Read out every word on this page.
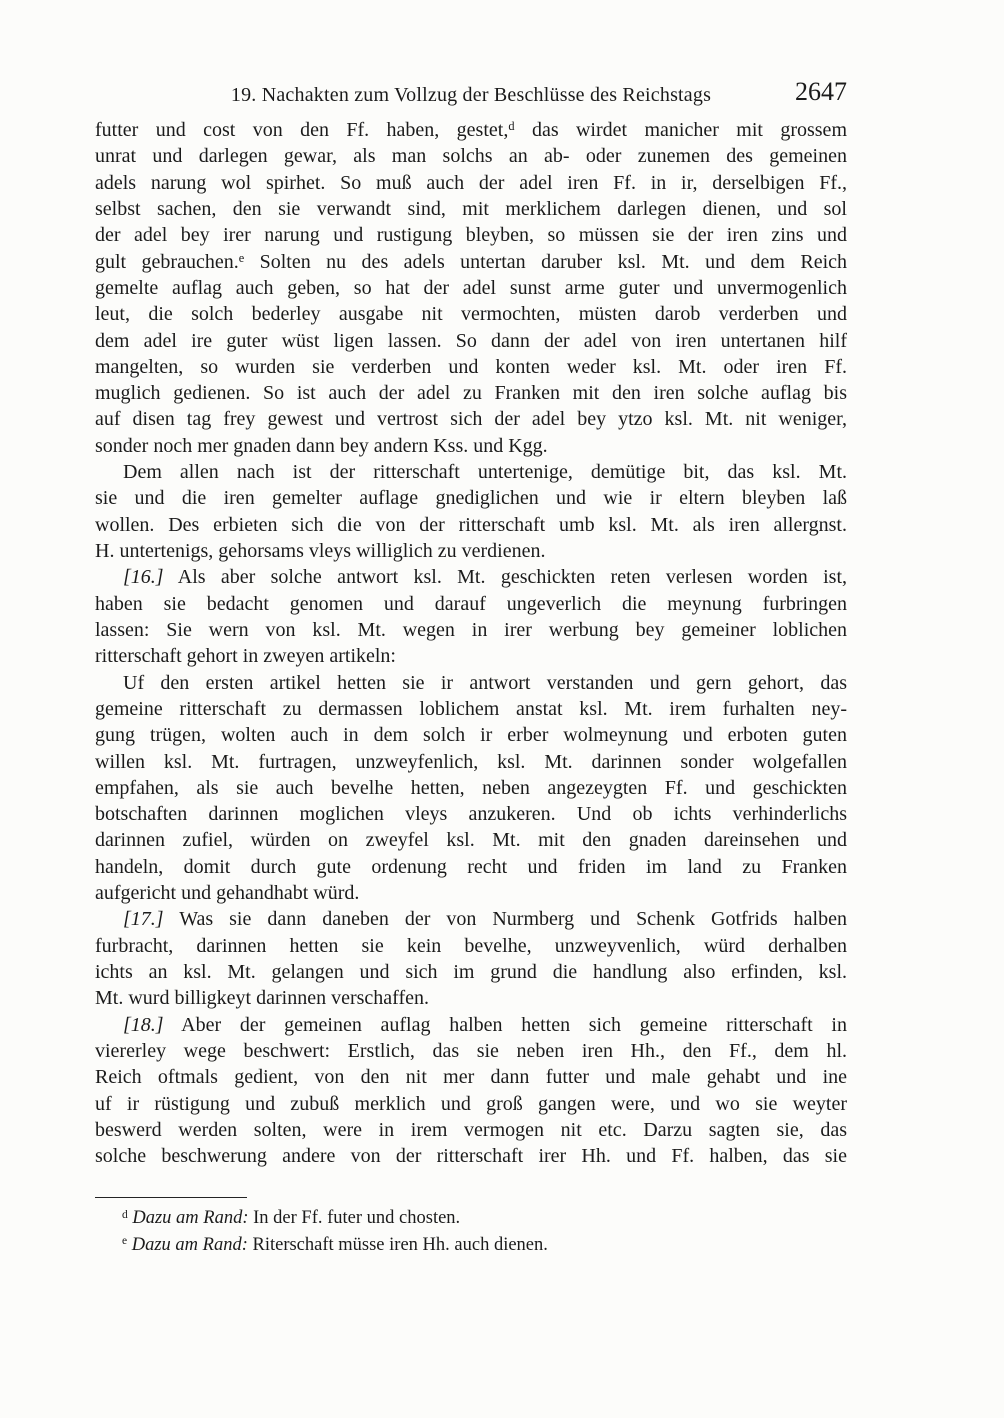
19. Nachakten zum Vollzug der Beschlüsse des Reichstags	2647
futter und cost von den Ff. haben, gestet,$^d$ das wirdet manicher mit grossem
unrat und darlegen gewar, als man solchs an ab- oder zunemen des gemeinen
adels narung wol spirhet. So muß auch der adel iren Ff. in ir, derselbigen Ff.,
selbst sachen, den sie verwandt sind, mit merklichem darlegen dienen, und sol
der adel bey irer narung und rustigung bleyben, so müssen sie der iren zins und
gult gebrauchen.$^e$ Solten nu des adels untertan daruber ksl. Mt. und dem Reich
gemelte auflag auch geben, so hat der adel sunst arme guter und unvermogenlich
leut, die solch bederley ausgabe nit vermochten, müsten darob verderben und
dem adel ire guter wüst ligen lassen. So dann der adel von iren untertanen hilf
mangelten, so wurden sie verderben und konten weder ksl. Mt. oder iren Ff.
muglich gedienen. So ist auch der adel zu Franken mit den iren solche auflag bis
auf disen tag frey gewest und vertrost sich der adel bey ytzo ksl. Mt. nit weniger,
sonder noch mer gnaden dann bey andern Kss. und Kgg.
Dem allen nach ist der ritterschaft untertenige, demütige bit, das ksl. Mt.
sie und die iren gemelter auflage gnediglichen und wie ir eltern bleyben laß
wollen. Des erbieten sich die von der ritterschaft umb ksl. Mt. als iren allergnst.
H. untertenigs, gehorsams vleys williglich zu verdienen.
[16.] Als aber solche antwort ksl. Mt. geschickten reten verlesen worden ist,
haben sie bedacht genomen und darauf ungeverlich die meynung furbringen
lassen: Sie wern von ksl. Mt. wegen in irer werbung bey gemeiner loblichen
ritterschaft gehort in zweyen artikeln:
Uf den ersten artikel hetten sie ir antwort verstanden und gern gehort, das
gemeine ritterschaft zu dermassen loblichem anstat ksl. Mt. irem furhalten ney-
gung trügen, wolten auch in dem solch ir erber wolmeynung und erboten guten
willen ksl. Mt. furtragen, unzweyfenlich, ksl. Mt. darinnen sonder wolgefallen
empfahen, als sie auch bevelhe hetten, neben angezeygten Ff. und geschickten
botschaften darinnen moglichen vleys anzukeren. Und ob ichts verhinderlichs
darinnen zufiel, würden on zweyfel ksl. Mt. mit den gnaden dareinsehen und
handeln, domit durch gute ordenung recht und friden im land zu Franken
aufgericht und gehandhabt würd.
[17.] Was sie dann daneben der von Nurmberg und Schenk Gotfrids halben
furbracht, darinnen hetten sie kein bevelhe, unzweyvenlich, würd derhalben
ichts an ksl. Mt. gelangen und sich im grund die handlung also erfinden, ksl.
Mt. wurd billigkeyt darinnen verschaffen.
[18.] Aber der gemeinen auflag halben hetten sich gemeine ritterschaft in
viererley wege beschwert: Erstlich, das sie neben iren Hh., den Ff., dem hl.
Reich oftmals gedient, von den nit mer dann futter und male gehabt und ine
uf ir rüstigung und zubuß merklich und groß gangen were, und wo sie weyter
beswerd werden solten, were in irem vermogen nit etc. Darzu sagten sie, das
solche beschwerung andere von der ritterschaft irer Hh. und Ff. halben, das sie
$^d$ Dazu am Rand: In der Ff. futer und chosten.
$^e$ Dazu am Rand: Riterschaft müsse iren Hh. auch dienen.
